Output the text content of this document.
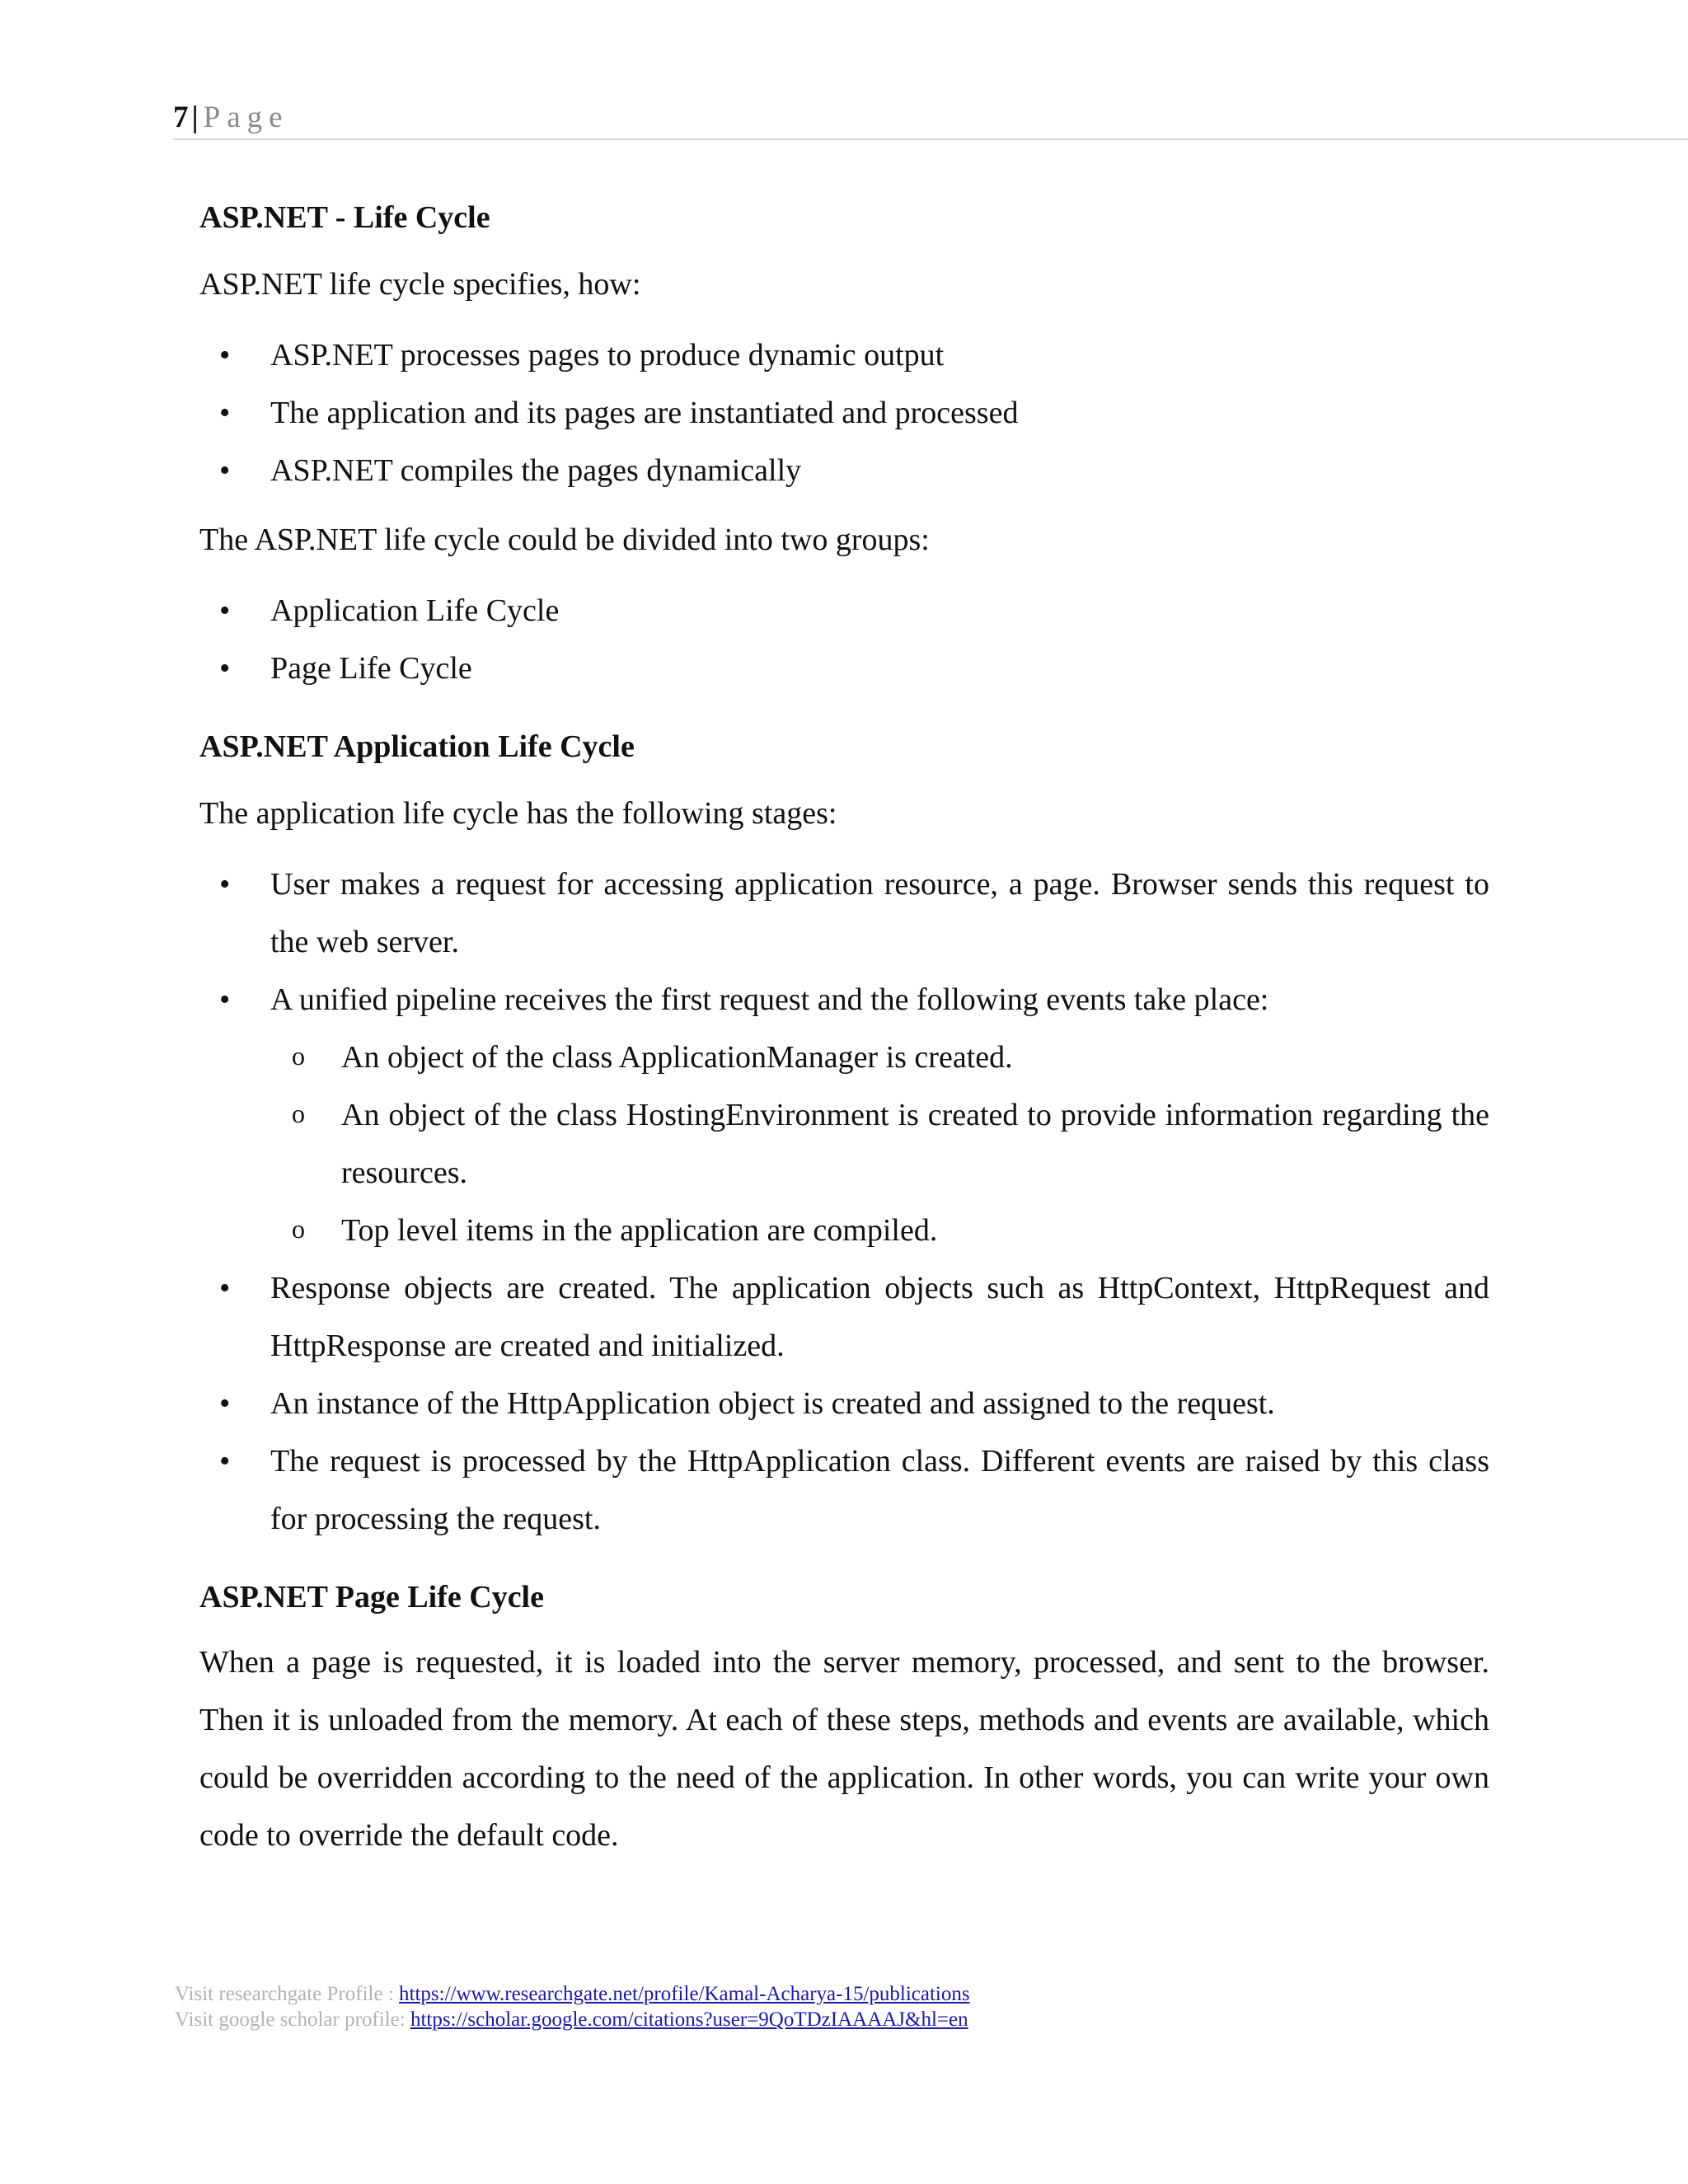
7 | Page
ASP.NET - Life Cycle

ASP.NET life cycle specifies, how:

• ASP.NET processes pages to produce dynamic output
• The application and its pages are instantiated and processed
• ASP.NET compiles the pages dynamically

The ASP.NET life cycle could be divided into two groups:

• Application Life Cycle
• Page Life Cycle
ASP.NET Application Life Cycle

The application life cycle has the following stages:

• User makes a request for accessing application resource, a page. Browser sends this request to the web server.
• A unified pipeline receives the first request and the following events take place:
o An object of the class ApplicationManager is created.
o An object of the class HostingEnvironment is created to provide information regarding the resources.
o Top level items in the application are compiled.
• Response objects are created. The application objects such as HttpContext, HttpRequest and HttpResponse are created and initialized.
• An instance of the HttpApplication object is created and assigned to the request.
• The request is processed by the HttpApplication class. Different events are raised by this class for processing the request.
ASP.NET Page Life Cycle

When a page is requested, it is loaded into the server memory, processed, and sent to the browser. Then it is unloaded from the memory. At each of these steps, methods and events are available, which could be overridden according to the need of the application. In other words, you can write your own code to override the default code.

Visit researchgate Profile : https://www.researchgate.net/profile/Kamal-Acharya-15/publications
Visit google scholar profile: https://scholar.google.com/citations?user=9QoTDzIAAAAJ&hl=en
